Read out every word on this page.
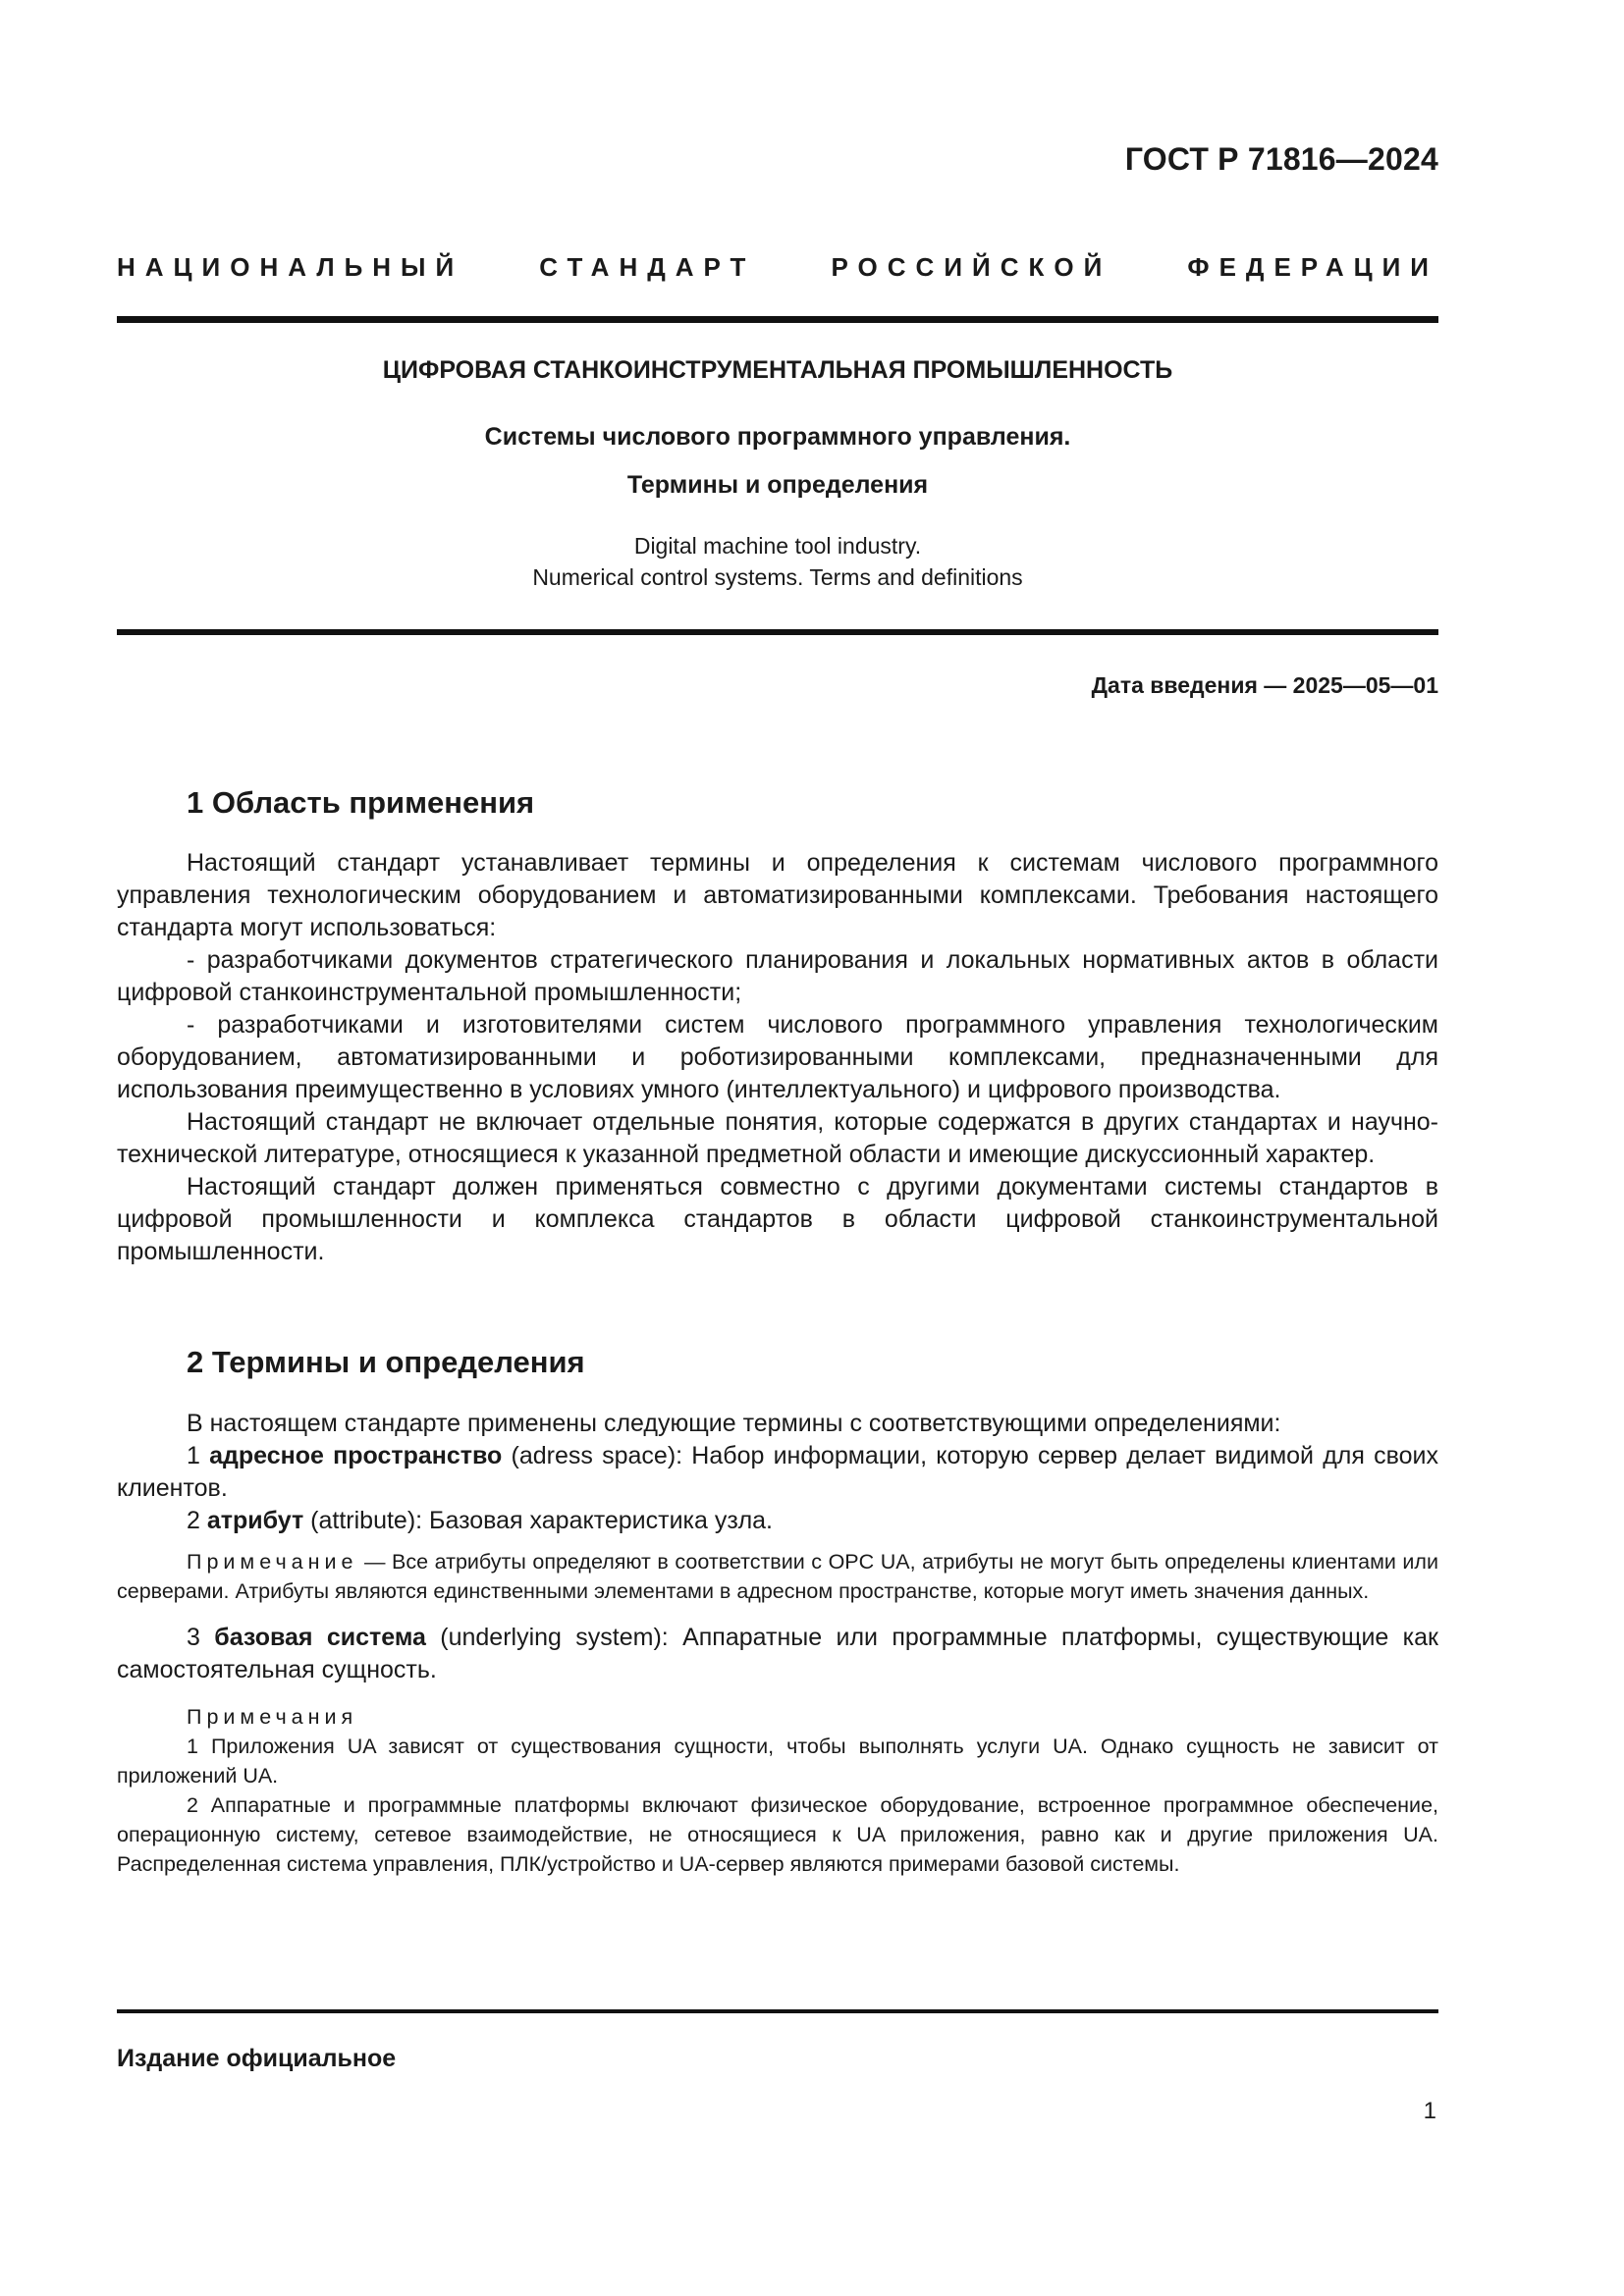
ГОСТ Р 71816—2024
НАЦИОНАЛЬНЫЙ СТАНДАРТ РОССИЙСКОЙ ФЕДЕРАЦИИ
ЦИФРОВАЯ СТАНКОИНСТРУМЕНТАЛЬНАЯ ПРОМЫШЛЕННОСТЬ
Системы числового программного управления.
Термины и определения
Digital machine tool industry.
Numerical control systems. Terms and definitions
Дата введения — 2025—05—01
1 Область применения

Настоящий стандарт устанавливает термины и определения к системам числового программного управления технологическим оборудованием и автоматизированными комплексами. Требования настоящего стандарта могут использоваться:

- разработчиками документов стратегического планирования и локальных нормативных актов в области цифровой станкоинструментальной промышленности;

- разработчиками и изготовителями систем числового программного управления технологическим оборудованием, автоматизированными и роботизированными комплексами, предназначенными для использования преимущественно в условиях умного (интеллектуального) и цифрового производства.

Настоящий стандарт не включает отдельные понятия, которые содержатся в других стандартах и научно-технической литературе, относящиеся к указанной предметной области и имеющие дискуссионный характер.

Настоящий стандарт должен применяться совместно с другими документами системы стандартов в цифровой промышленности и комплекса стандартов в области цифровой станкоинструментальной промышленности.

2 Термины и определения

В настоящем стандарте применены следующие термины с соответствующими определениями:

1 адресное пространство (adress space): Набор информации, которую сервер делает видимой для своих клиентов.

2 атрибут (attribute): Базовая характеристика узла.

Примечание — Все атрибуты определяют в соответствии с OPC UA, атрибуты не могут быть определены клиентами или серверами. Атрибуты являются единственными элементами в адресном пространстве, которые могут иметь значения данных.

3 базовая система (underlying system): Аппаратные или программные платформы, существующие как самостоятельная сущность.

Примечания

1 Приложения UA зависят от существования сущности, чтобы выполнять услуги UA. Однако сущность не зависит от приложений UA.

2 Аппаратные и программные платформы включают физическое оборудование, встроенное программное обеспечение, операционную систему, сетевое взаимодействие, не относящиеся к UA приложения, равно как и другие приложения UA. Распределенная система управления, ПЛК/устройство и UA-сервер являются примерами базовой системы.

Издание официальное
1
